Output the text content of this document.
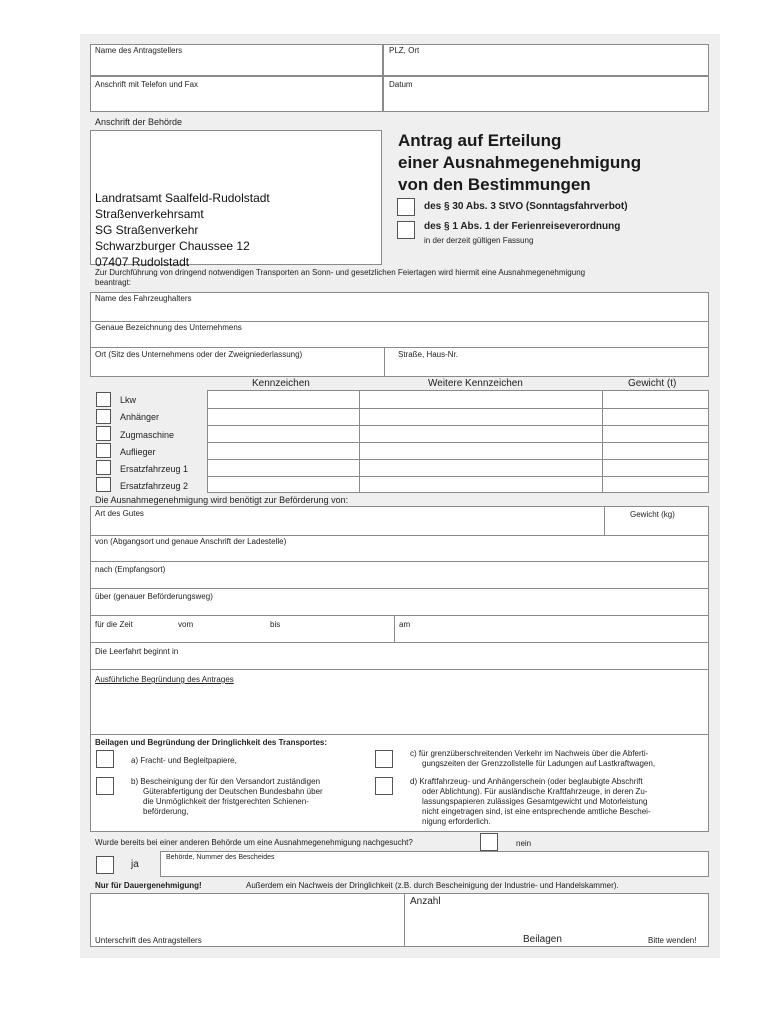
Name des Antragstellers	PLZ, Ort
Anschrift mit Telefon und Fax	Datum
Anschrift der Behörde
Landratsamt Saalfeld-Rudolstadt
Straßenverkehrsamt
SG Straßenverkehr
Schwarzburger Chaussee 12
07407 Rudolstadt
Antrag auf Erteilung
einer Ausnahmegenehmigung
von den Bestimmungen
des § 30 Abs. 3 StVO (Sonntagsfahrverbot)
des § 1 Abs. 1 der Ferienreiseverordnung
in der derzeit gültigen Fassung
Zur Durchführung von dringend notwendigen Transporten an Sonn- und gesetzlichen Feiertagen wird hiermit eine Ausnahmegenehmigung
beantragt:
Name des Fahrzeughalters
Genaue Bezeichnung des Unternehmens
Ort (Sitz des Unternehmens oder der Zweigniederlassung)	Straße, Haus-Nr.
Kennzeichen	Weitere Kennzeichen	Gewicht (t)
Lkw
Anhänger
Zugmaschine
Auflieger
Ersatzfahrzeug 1
Ersatzfahrzeug 2
Die Ausnahmegenehmigung wird benötigt zur Beförderung von:
Art des Gutes	Gewicht (kg)
von (Abgangsort und genaue Anschrift der Ladestelle)
nach (Empfangsort)
über (genauer Beförderungsweg)
für die Zeit	vom	bis	am
Die Leerfahrt beginnt in
Ausführliche Begründung des Antrages
Beilagen und Begründung der Dringlichkeit des Transportes:
a) Fracht- und Begleitpapiere,
b) Bescheinigung der für den Versandort zuständigen
Güterabfertigung der Deutschen Bundesbahn über
die Unmöglichkeit der fristgerechten Schienen-
beförderung,
c) für grenzüberschreitenden Verkehr im Nachweis über die Abferti-
gungszeiten der Grenzzollstelle für Ladungen auf Lastkraftwagen,
d) Kraftfahrzeug- und Anhängerschein (oder beglaubigte Abschrift
oder Ablichtung). Für ausländische Kraftfahrzeuge, in deren Zu-
lassungspapieren zulässiges Gesamtgewicht und Motorleistung
nicht eingetragen sind, ist eine entsprechende amtliche Beschei-
nigung erforderlich.
Wurde bereits bei einer anderen Behörde um eine Ausnahmegenehmigung nachgesucht?	nein
ja
Behörde, Nummer des Bescheides
Nur für Dauergenehmigung!	Außerdem ein Nachweis der Dringlichkeit (z.B. durch Bescheinigung der Industrie- und Handelskammer).
Unterschrift des Antragstellers
Anzahl
Beilagen	Bitte wenden!
